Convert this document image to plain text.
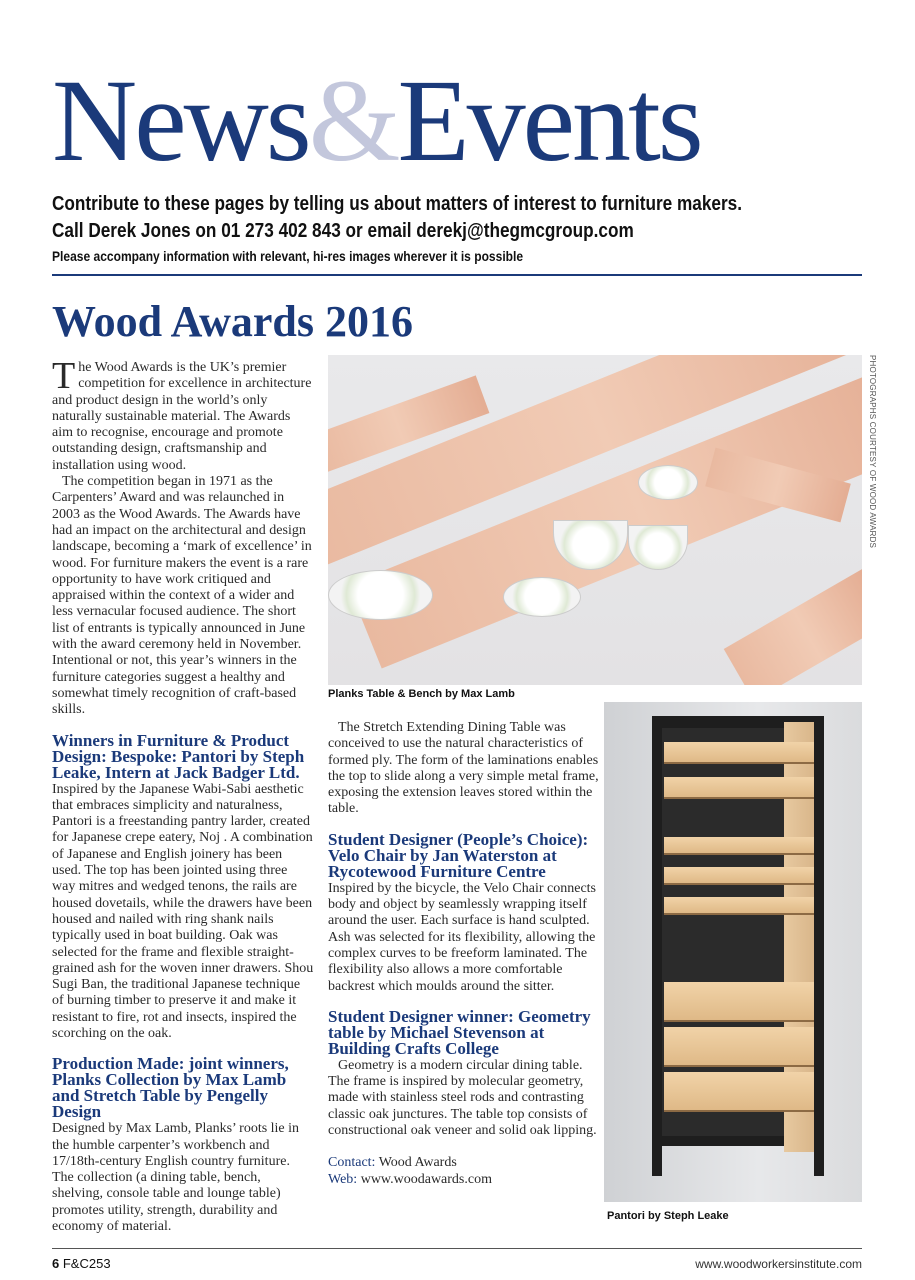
News&Events
Contribute to these pages by telling us about matters of interest to furniture makers.
Call Derek Jones on 01 273 402 843 or email derekj@thegmcgroup.com
Please accompany information with relevant, hi-res images wherever it is possible
Wood Awards 2016

The Wood Awards is the UK’s premier competition for excellence in architecture and product design in the world’s only naturally sustainable material. The Awards aim to recognise, encourage and promote outstanding design, craftsmanship and installation using wood.

The competition began in 1971 as the Carpenters’ Award and was relaunched in 2003 as the Wood Awards. The Awards have had an impact on the architectural and design landscape, becoming a ‘mark of excellence’ in wood. For furniture makers the event is a rare opportunity to have work critiqued and appraised within the context of a wider and less vernacular focused audience. The short list of entrants is typically announced in June with the award ceremony held in November. Intentional or not, this year’s winners in the furniture categories suggest a healthy and somewhat timely recognition of craft-based skills.

Winners in Furniture & Product Design: Bespoke: Pantori by Steph Leake, Intern at Jack Badger Ltd.

Inspired by the Japanese Wabi-Sabi aesthetic that embraces simplicity and naturalness, Pantori is a freestanding pantry larder, created for Japanese crepe eatery, Noj . A combination of Japanese and English joinery has been used. The top has been jointed using three way mitres and wedged tenons, the rails are housed dovetails, while the drawers have been housed and nailed with ring shank nails typically used in boat building. Oak was selected for the frame and flexible straight-grained ash for the woven inner drawers. Shou Sugi Ban, the traditional Japanese technique of burning timber to preserve it and make it resistant to fire, rot and insects, inspired the scorching on the oak.

Production Made: joint winners, Planks Collection by Max Lamb and Stretch Table by Pengelly Design

Designed by Max Lamb, Planks’ roots lie in the humble carpenter’s workbench and 17/18th-century English country furniture. The collection (a dining table, bench, shelving, console table and lounge table) promotes utility, strength, durability and economy of material.

The Stretch Extending Dining Table was conceived to use the natural characteristics of formed ply. The form of the laminations enables the top to slide along a very simple metal frame, exposing the extension leaves stored within the table.

Student Designer (People’s Choice): Velo Chair by Jan Waterston at Rycotewood Furniture Centre

Inspired by the bicycle, the Velo Chair connects body and object by seamlessly wrapping itself around the user. Each surface is hand sculpted. Ash was selected for its flexibility, allowing the complex curves to be freeform laminated. The flexibility also allows a more comfortable backrest which moulds around the sitter.

Student Designer winner: Geometry table by Michael Stevenson at Building Crafts College

Geometry is a modern circular dining table. The frame is inspired by molecular geometry, made with stainless steel rods and contrasting classic oak junctures. The table top consists of constructional oak veneer and solid oak lipping.

Contact: Wood Awards

Web: www.woodawards.com

Planks Table & Bench by Max Lamb
PHOTOGRAPHS COURTESY OF WOOD AWARDS
Pantori by Steph Leake
6 F&C253	www.woodworkersinstitute.com
